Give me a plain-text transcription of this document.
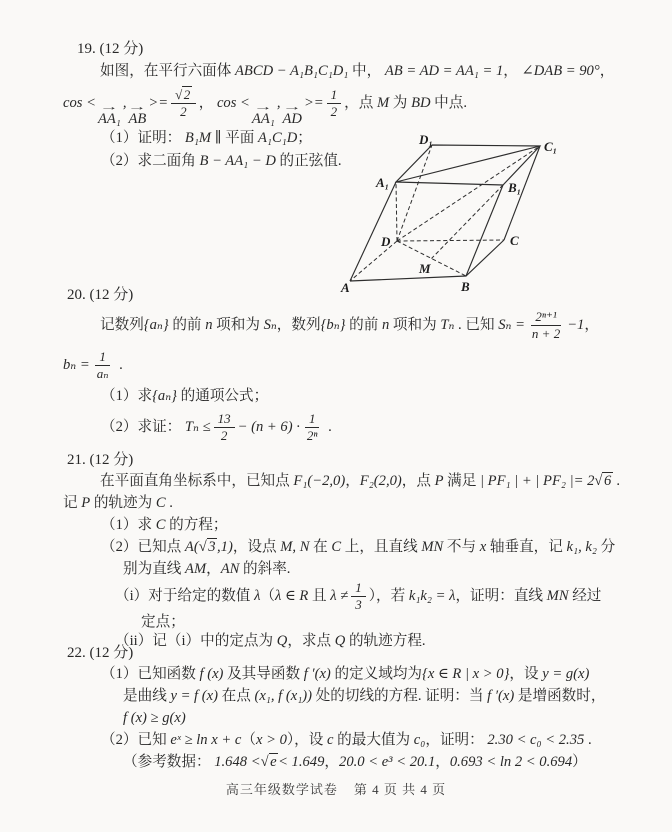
19. (12 分)

如图，在平行六面体 ABCD − A₁B₁C₁D₁ 中， AB = AD = AA₁ = 1， ∠DAB = 90°，

cos < →
AA₁
, →
AB
>= $\frac{√ 2}{2}$ ， cos < →
AA₁
, →
AD
>= $\frac{1}{2}$ ，点 M 为 BD 中点.

（1）证明： B₁M ∥ 平面 A₁C₁D；

（2）求二面角 B − AA₁ − D 的正弦值.

A	B
C
D
A₁	B₁
C₁
D₁
M

20. (12 分)

记数列{aₙ} 的前 n 项和为 Sₙ，数列{bₙ} 的前 n 项和为 Tₙ . 已知 $S_n = \frac{\text{2ⁿ⁺¹}}{n + 2} -1$，

$b_n = \frac{1}{\text{aₙ}}$ .

（1）求{aₙ} 的通项公式；

（2）求证： $T_n \le \frac{13}{2} - (n + 6) \cdot \frac{1}{\text{2ⁿ}}$ .

21. (12 分)

在平面直角坐标系中，已知点 F₁(−2,0)，F₂(2,0)，点 P 满足 | PF₁ | + | PF₂ |= 2√ 6 .

记 P 的轨迹为 C .

（1）求 C 的方程；

（2）已知点 A(√ 3 ,1)，设点 M, N 在 C 上，且直线 MN 不与 x 轴垂直，记 k₁, k₂ 分

别为直线 AM，AN 的斜率.

（i）对于给定的数值 λ（λ ∈ R 且 $\lambda \ne \frac{1}{3}$ ），若 k₁k₂ = λ，证明：直线 MN 经过

定点；

（ii）记（i）中的定点为 Q，求点 Q 的轨迹方程.

22. (12 分)

（1）已知函数 f (x) 及其导函数 f ′(x) 的定义域均为{x ∈ R | x > 0}，设 y = g(x)

是曲线 y = f (x) 在点 (x₁, f (x₁)) 处的切线的方程. 证明：当 f ′(x) 是增函数时，

f (x) ≥ g(x)

（2）已知 eˣ ≥ ln x + c（x > 0），设 c 的最大值为 c₀，证明： 2.30 < c₀ < 2.35 .

（参考数据： 1.648 <√ e < 1.649，20.0 < e³ < 20.1，0.693 < ln 2 < 0.694）

高三年级数学试卷 第 4 页 共 4 页
